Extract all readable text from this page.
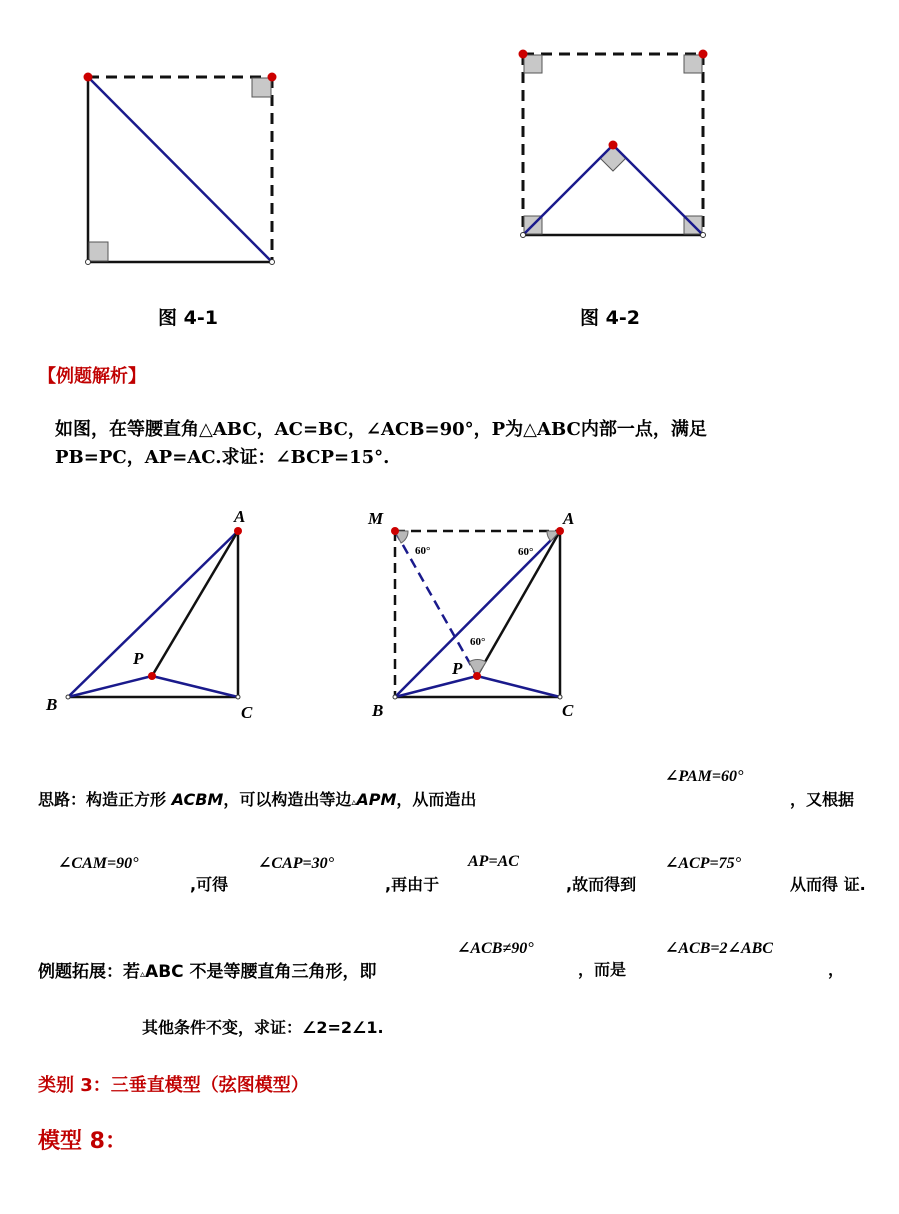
图 4-1	图 4-2
【例题解析】
如图，在等腰直角△ABC，AC=BC，∠ACB=90°，P为△ABC内部一点，满足
PB=PC，AP=AC.求证：∠BCP=15°.
A
B	C
P
M	A
B	C
P
60°	60°
60°
思路：构造正方形 ACBM，可以构造出等边▵APM，从而造出
∠PAM=60°
，又根据
∠CAM=90°
,可得
∠CAP=30°
,再由于
AP=AC
,故而得到
∠ACP=75°
从而得 证.
例题拓展：若▵ABC 不是等腰直角三角形，即
∠ACB≠90°
，而是
∠ACB=2∠ABC
，
其他条件不变，求证：∠2=2∠1.
类别 3：三垂直模型（弦图模型）
模型 8：
